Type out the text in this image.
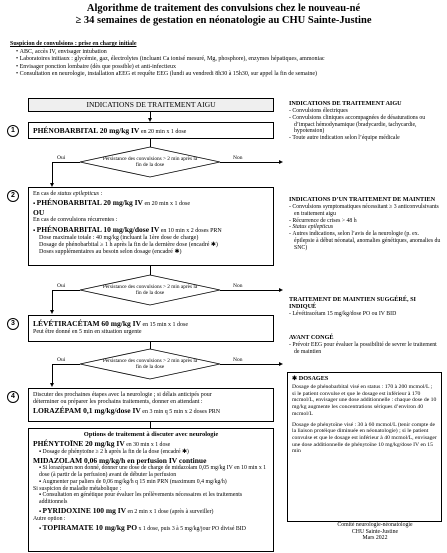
Algorithme de traitement des convulsions chez le nouveau-né
≥ 34 semaines de gestation en néonatologie au CHU Sainte-Justine
Suspicion de convulsions : prise en charge initiale
• ABC, accès IV, envisager intubation
• Laboratoires initiaux : glycémie, gaz, électrolytes (incluant Ca ionisé mesuré, Mg, phosphore), enzymes hépatiques, ammoniac
• Envisager ponction lombaire (dès que possible) et anti-infectieux
• Consultation en neurologie, installation aEEG et requête EEG (lundi au vendredi 8h30 à 15h30, sur appel la fin de semaine)
INDICATIONS DE TRAITEMENT AIGU
1	PHÉNOBARBITAL 20 mg/kg IV en 20 min x 1 dose
Persistance des convulsions > 2 min après la fin de la dose
Oui	Non
2	En cas de status epilepticus :
▪ PHÉNOBARBITAL 20 mg/kg IV en 20 min x 1 dose
OU
En cas de convulsions récurrentes :
▪ PHÉNOBARBITAL 10 mg/kg/dose IV en 10 min x 2 doses PRN
Dose maximale totale : 40 mg/kg (incluant la 1ère dose de charge)
Dosage de phénobarbital ≥ 1 h après la fin de la dernière dose (encadré ✱)
Doses supplémentaires au besoin selon dosage (encadré ✱)
Persistance des convulsions > 2 min après la fin de la dose
Oui	Non
3	LÉVÉTIRACÉTAM 60 mg/kg IV en 15 min x 1 dose
Peut être donné en 5 min en situation urgente
Persistance des convulsions > 2 min après la fin de la dose
Oui	Non
4	Discuter des prochaines étapes avec la neurologie ; si délais anticipés pour
déterminer ou préparer les prochains traitements, donner en attendant :
LORAZÉPAM 0,1 mg/kg/dose IV en 3 min q 5 min x 2 doses PRN
Options de traitement à discuter avec neurologie
PHÉNYTOÏNE 20 mg/kg IV en 30 min x 1 dose
▪ Dosage de phénytoïne ≥ 2 h après la fin de la dose (encadré ✱)
MIDAZOLAM 0,06 mg/kg/h en perfusion IV continue
▪ Si lorazépam non donné, donner une dose de charge de midazolam 0,05 mg/kg IV en 10 min x 1 dose (à partir de la perfusion) avant de débuter la perfusion
▪ Augmenter par paliers de 0,06 mg/kg/h q 15 min PRN (maximum 0,4 mg/kg/h)
Si suspicion de maladie métabolique :
▪ Consultation en génétique pour évaluer les prélèvements nécessaires et les traitements additionnels
▪ PYRIDOXINE 100 mg IV en 2 min x 1 dose (après à surveiller)
Autre option :
▪ TOPIRAMATE 10 mg/kg PO x 1 dose, puis 3 à 5 mg/kg/jour PO divisé BID
INDICATIONS DE TRAITEMENT AIGU
- Convulsions électriques
- Convulsions cliniques accompagnées de désaturations ou d’impact hémodynamique (bradycardie, tachycardie, hypotension)
- Toute autre indication selon l’équipe médicale
INDICATIONS D’UN TRAITEMENT DE MAINTIEN
- Convulsions symptomatiques nécessitant ≥ 3 anticonvulsivants en traitement aigu
- Récurrence de crises > 48 h
- Status epilepticus
- Autres indications, selon l’avis de la neurologie (p. ex. épilepsie à début néonatal, anomalies génétiques, anomalies du SNC)
TRAITEMENT DE MAINTIEN SUGGÉRÉ, SI INDIQUÉ
- Lévétiracétam 15 mg/kg/dose PO ou IV BID
AVANT CONGÉ
- Prévoir EEG pour évaluer la possibilité de sevrer le traitement de maintien
✱ DOSAGES
Dosage de phénobarbital visé en status : 170 à 200 mcmol/L ; si le patient convulse et que le dosage est inférieur à 170 mcmol/L, envisager une dose additionnelle : chaque dose de 10 mg/kg augmente les concentrations sériques d’environ 40 mcmol/L
Dosage de phénytoïne visé : 30 à 60 mcmol/L (tenir compte de la liaison protéique diminuée en néonatologie) ; si le patient convulse et que le dosage est inférieur à 40 mcmol/L, envisager une dose additionnelle de phénytoïne 10 mg/kg/dose IV en 15 min
Comité neurologie-néonatologie
CHU Sainte-Justine
Mars 2022
